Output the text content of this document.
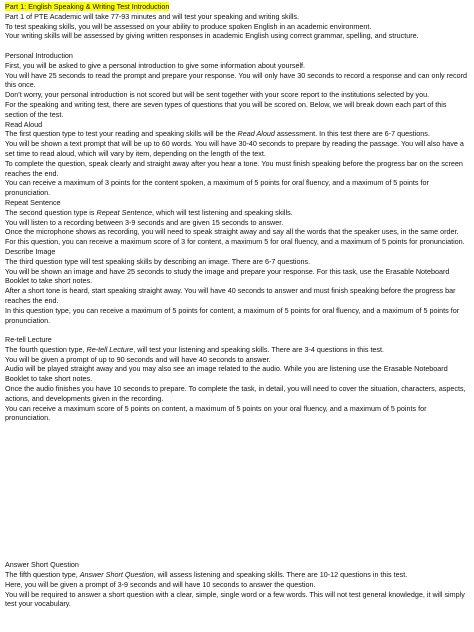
Part 1: English Speaking & Writing Test Introduction

Part 1 of PTE Academic will take 77-93 minutes and will test your speaking and writing skills.

To test speaking skills, you will be assessed on your ability to produce spoken English in an academic environment.

Your writing skills will be assessed by giving written responses in academic English using correct grammar, spelling, and structure.

Personal Introduction

First, you will be asked to give a personal introduction to give some information about yourself.

You will have 25 seconds to read the prompt and prepare your response. You will only have 30 seconds to record a response and can only record this once.

Don’t worry, your personal introduction is not scored but will be sent together with your score report to the institutions selected by you.

For the speaking and writing test, there are seven types of questions that you will be scored on. Below, we will break down each part of this section of the test.

Read Aloud

The first question type to test your reading and speaking skills will be the Read Aloud assessment. In this test there are 6-7 questions.

You will be shown a text prompt that will be up to 60 words. You will have 30-40 seconds to prepare by reading the passage. You will also have a set time to read aloud, which will vary by item, depending on the length of the text.

To complete the question, speak clearly and straight away after you hear a tone. You must finish speaking before the progress bar on the screen reaches the end.

You can receive a maximum of 3 points for the content spoken, a maximum of 5 points for oral fluency, and a maximum of 5 points for pronunciation.

Repeat Sentence

The second question type is Repeat Sentence, which will test listening and speaking skills.

You will listen to a recording between 3-9 seconds and are given 15 seconds to answer.

Once the microphone shows as recording, you will need to speak straight away and say all the words that the speaker uses, in the same order.

For this question, you can receive a maximum score of 3 for content, a maximum 5 for oral fluency, and a maximum of 5 points for pronunciation.

Describe Image

The third question type will test speaking skills by describing an image. There are 6-7 questions.

You will be shown an image and have 25 seconds to study the image and prepare your response. For this task, use the Erasable Noteboard Booklet to take short notes.

After a short tone is heard, start speaking straight away. You will have 40 seconds to answer and must finish speaking before the progress bar reaches the end.

In this question type, you can receive a maximum of 5 points for content, a maximum of 5 points for oral fluency, and a maximum of 5 points for pronunciation.

Re-tell Lecture

The fourth question type, Re-tell Lecture, will test your listening and speaking skills. There are 3-4 questions in this test.

You will be given a prompt of up to 90 seconds and will have 40 seconds to answer.

Audio will be played straight away and you may also see an image related to the audio. While you are listening use the Erasable Noteboard Booklet to take short notes.

Once the audio finishes you have 10 seconds to prepare. To complete the task, in detail, you will need to cover the situation, characters, aspects, actions, and developments given in the recording.

You can receive a maximum score of 5 points on content, a maximum of 5 points on your oral fluency, and a maximum of 5 points for pronunciation.

Answer Short Question

The fifth question type, Answer Short Question, will assess listening and speaking skills. There are 10-12 questions in this test.

Here, you will be given a prompt of 3-9 seconds and will have 10 seconds to answer the question.

You will be required to answer a short question with a clear, simple, single word or a few words. This will not test general knowledge, it will simply test your vocabulary.
